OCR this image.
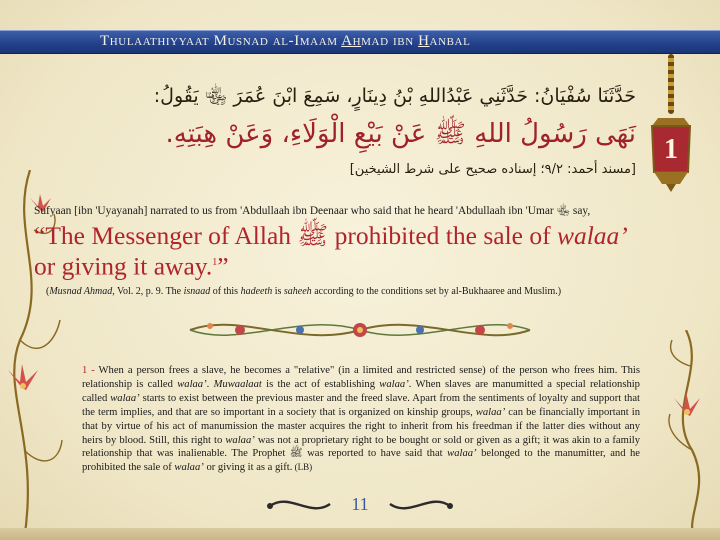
Thulaathiyyaat Musnad al-Imaam Ahmad ibn Hanbal
1
حَدَّثَنَا سُفْيَانُ: حَدَّثَنِي عَبْدُاللهِ بْنُ دِينَارٍ، سَمِعَ ابْنَ عُمَرَ ﵄ يَقُولُ:
نَهَى رَسُولُ اللهِ ﷺ عَنْ بَيْعِ الْوَلَاءِ، وَعَنْ هِبَتِهِ.
[مسند أحمد: ٩/٢؛ إسناده صحيح على شرط الشيخين]
Sufyaan [ibn 'Uyayanah] narrated to us from 'Abdullaah ibn Deenaar who said that he heard 'Abdullaah ibn 'Umar ﵄ say,
“The Messenger of Allah ﷺ prohibited the sale of walaa’ or giving it away.$^1$”
(Musnad Ahmad, Vol. 2, p. 9. The isnaad of this hadeeth is saheeh according to the conditions set by al-Bukhaaree and Muslim.)
1 - When a person frees a slave, he becomes a "relative" (in a limited and restricted sense) of the person who frees him. This relationship is called walaa’. Muwaalaat is the act of establishing walaa’. When slaves are manumitted a special relationship called walaa’ starts to exist between the previous master and the freed slave. Apart from the sentiments of loyalty and support that the term implies, and that are so important in a society that is organized on kinship groups, walaa’ can be financially important in that by virtue of his act of manumission the master acquires the right to inherit from his freedman if the latter dies without any heirs by blood. Still, this right to walaa’ was not a proprietary right to be bought or sold or given as a gift; it was akin to a family relationship that was inalienable. The Prophet ﷺ was reported to have said that walaa’ belonged to the manumitter, and he prohibited the sale of walaa’ or giving it as a gift. (LB)
11
